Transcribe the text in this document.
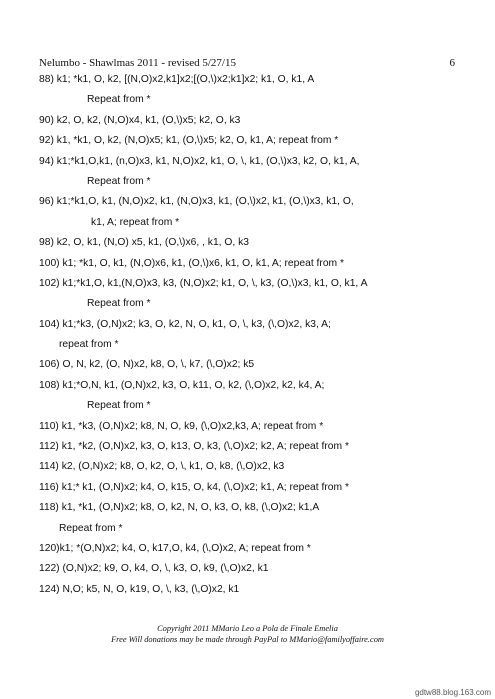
Nelumbo - Shawlmas 2011 - revised 5/27/15	6
88) k1; *k1, O, k2, [(N,O)x2,k1]x2;[(O,\)x2;k1]x2; k1, O, k1, A
Repeat from *
90) k2, O, k2, (N,O)x4, k1, (O,\)x5; k2, O, k3
92) k1, *k1, O, k2, (N,O)x5; k1, (O,\)x5; k2, O, k1, A; repeat from *
94) k1;*k1,O,k1, (n,O)x3, k1, N,O)x2, k1, O, \, k1, (O,\)x3, k2, O, k1, A,
Repeat from *
96) k1;*k1,O, k1, (N,O)x2, k1, (N,O)x3, k1, (O,\)x2, k1, (O,\)x3, k1, O,
k1, A; repeat from *
98) k2, O, k1, (N,O) x5, k1, (O,\)x6, , k1, O, k3
100) k1; *k1, O, k1, (N,O)x6, k1, (O,\)x6, k1, O, k1, A; repeat from *
102) k1;*k1,O, k1,(N,O)x3, k3, (N,O)x2; k1, O, \, k3, (O,\)x3, k1, O, k1, A
Repeat from *
104) k1;*k3, (O,N)x2; k3, O, k2, N, O, k1, O, \, k3, (\,O)x2, k3, A;
repeat from *
106) O, N, k2, (O, N)x2, k8, O, \, k7, (\,O)x2; k5
108) k1;*O,N, k1, (O,N)x2, k3, O, k11, O, k2, (\,O)x2, k2, k4, A;
Repeat from *
110) k1, *k3, (O,N)x2; k8, N, O, k9, (\,O)x2,k3, A; repeat from *
112) k1, *k2, (O,N)x2, k3, O, k13, O, k3, (\,O)x2; k2, A; repeat from *
114) k2, (O,N)x2; k8, O, k2, O, \, k1, O, k8, (\,O)x2, k3
116) k1;* k1, (O,N)x2; k4, O, k15, O, k4, (\,O)x2; k1, A; repeat from *
118) k1, *k1, (O,N)x2; k8, O, k2, N, O, k3, O, k8, (\,O)x2; k1,A
Repeat from *
120)k1; *(O,N)x2; k4, O, k17,O, k4, (\,O)x2, A; repeat from *
122) (O,N)x2; k9, O, k4, O, \, k3, O, k9, (\,O)x2, k1
124) N,O; k5, N, O, k19, O, \, k3, (\,O)x2, k1
Copyright 2011 MMario Leo a Pola de Finale Emelia
Free Will donations may be made through PayPal to MMario@familyoffaire.com
gdtw88.blog.163.com
